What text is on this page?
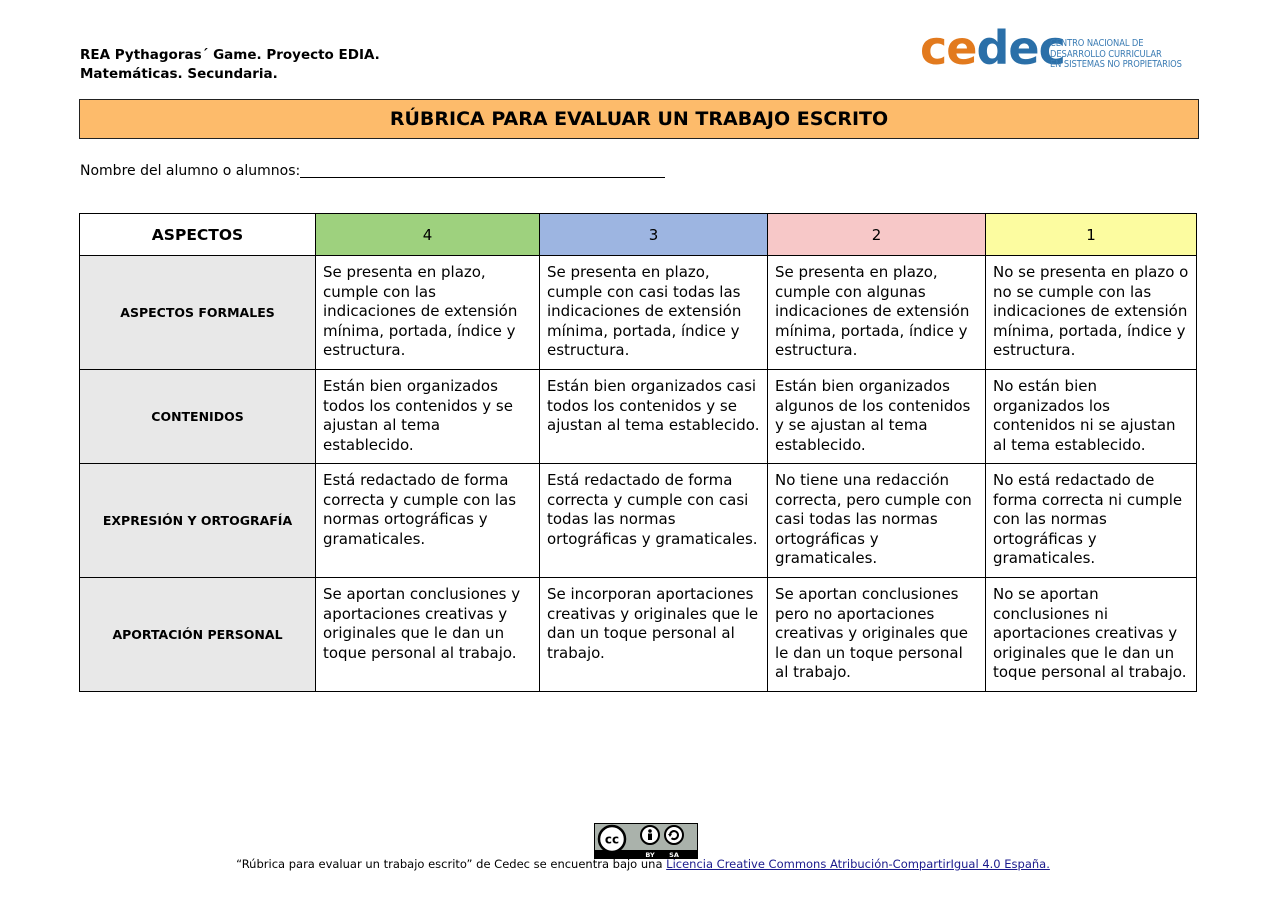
REA Pythagoras´ Game. Proyecto EDIA.
Matemáticas. Secundaria.	cedec
CENTRO NACIONAL DE
DESARROLLO CURRICULAR
EN SISTEMAS NO PROPIETARIOS
RÚBRICA PARA EVALUAR UN TRABAJO ESCRITO
Nombre del alumno o alumnos:
ASPECTOS	4	3	2	1
ASPECTOS FORMALES	Se presenta en plazo, cumple con las indicaciones de extensión mínima, portada, índice y estructura.	Se presenta en plazo, cumple con casi todas las indicaciones de extensión mínima, portada, índice y estructura.	Se presenta en plazo, cumple con algunas indicaciones de extensión mínima, portada, índice y estructura.	No se presenta en plazo o no se cumple con las indicaciones de extensión mínima, portada, índice y estructura.
CONTENIDOS	Están bien organizados todos los contenidos y se ajustan al tema establecido.	Están bien organizados casi todos los contenidos y se ajustan al tema establecido.	Están bien organizados algunos de los contenidos y se ajustan al tema establecido.	No están bien organizados los contenidos ni se ajustan al tema establecido.
EXPRESIÓN Y ORTOGRAFÍA	Está redactado de forma correcta y cumple con las normas ortográficas y gramaticales.	Está redactado de forma correcta y cumple con casi todas las normas ortográficas y gramaticales.	No tiene una redacción correcta, pero cumple con casi todas las normas ortográficas y gramaticales.	No está redactado de forma correcta ni cumple con las normas ortográficas y gramaticales.
APORTACIÓN PERSONAL	Se aportan conclusiones y aportaciones creativas y originales que le dan un toque personal al trabajo.	Se incorporan aportaciones creativas y originales que le dan un toque personal al trabajo.	Se aportan conclusiones pero no aportaciones creativas y originales que le dan un toque personal al trabajo.	No se aportan conclusiones ni aportaciones creativas y originales que le dan un toque personal al trabajo.
cc
BY SA
“Rúbrica para evaluar un trabajo escrito” de Cedec se encuentra bajo una Licencia Creative Commons Atribución-CompartirIgual 4.0 España.
